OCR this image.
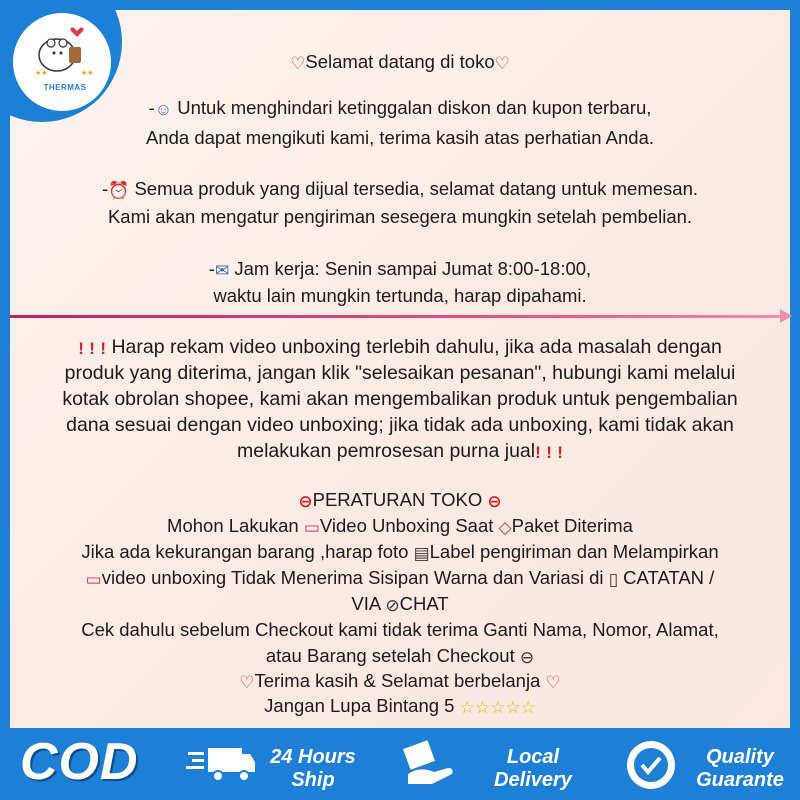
★★	★★
THERMAS
♡Selamat datang di toko♡
-☺ Untuk menghindari ketinggalan diskon dan kupon terbaru,
Anda dapat mengikuti kami, terima kasih atas perhatian Anda.
-⏰ Semua produk yang dijual tersedia, selamat datang untuk memesan.
Kami akan mengatur pengiriman sesegera mungkin setelah pembelian.
-✉ Jam kerja: Senin sampai Jumat 8:00-18:00,
waktu lain mungkin tertunda, harap dipahami.
! ! ! Harap rekam video unboxing terlebih dahulu, jika ada masalah dengan
produk yang diterima, jangan klik "selesaikan pesanan", hubungi kami melalui
kotak obrolan shopee, kami akan mengembalikan produk untuk pengembalian
dana sesuai dengan video unboxing; jika tidak ada unboxing, kami tidak akan
melakukan pemrosesan purna jual! ! !
⊖PERATURAN TOKO ⊖
Mohon Lakukan ▭Video Unboxing Saat ◇Paket Diterima
Jika ada kekurangan barang ,harap foto ▤Label pengiriman dan Melampirkan
▭video unboxing Tidak Menerima Sisipan Warna dan Variasi di ▯ CATATAN /
VIA ⊘CHAT
Cek dahulu sebelum Checkout kami tidak terima Ganti Nama, Nomor, Alamat,
atau Barang setelah Checkout ⊖
♡Terima kasih & Selamat berbelanja ♡
Jangan Lupa Bintang 5 ☆☆☆☆☆
COD	24 Hours
Ship
Local
Delivery
Quality
Guarante
